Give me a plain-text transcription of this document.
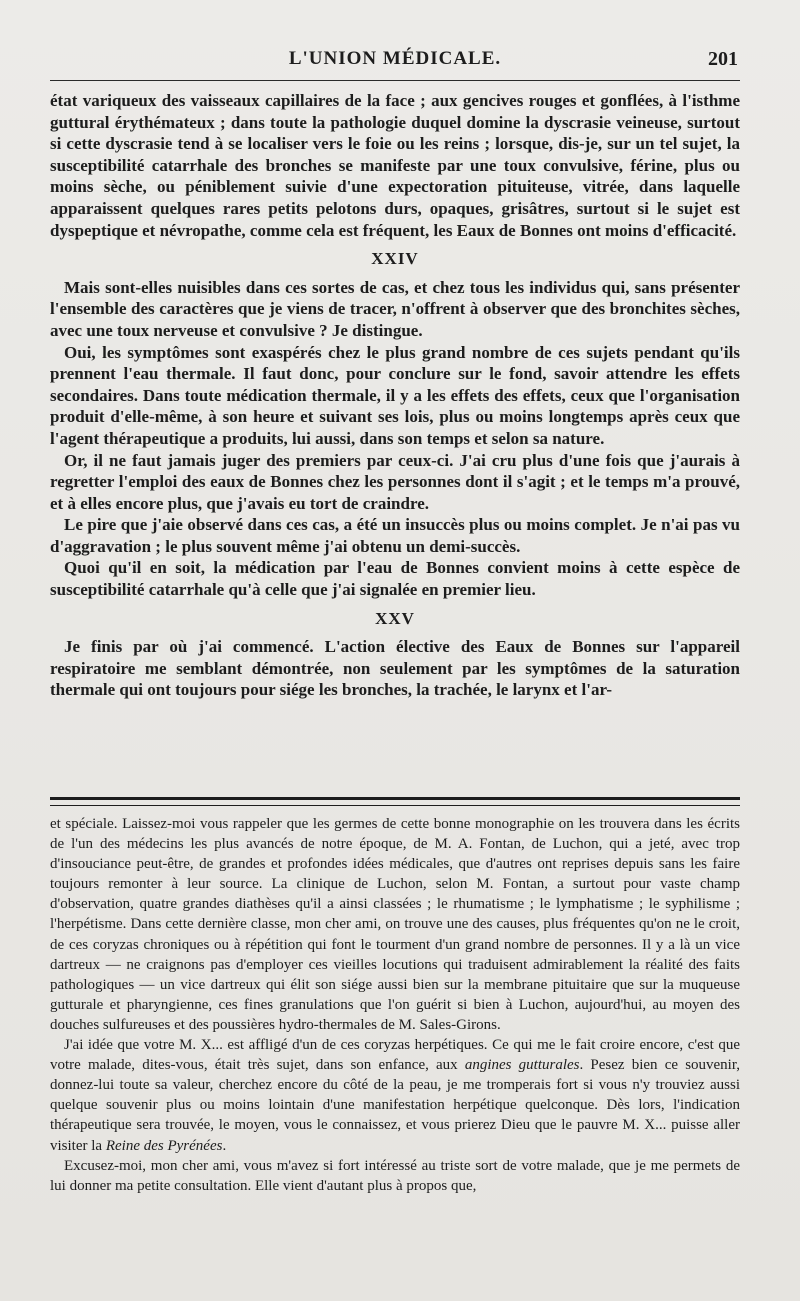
L'UNION MÉDICALE.	201

état variqueux des vaisseaux capillaires de la face ; aux gencives rouges et gonflées, à l'isthme guttural érythémateux ; dans toute la pathologie duquel domine la dyscrasie veineuse, surtout si cette dyscrasie tend à se localiser vers le foie ou les reins ; lorsque, dis-je, sur un tel sujet, la susceptibilité catarrhale des bronches se manifeste par une toux convulsive, férine, plus ou moins sèche, ou péniblement suivie d'une expectoration pituiteuse, vitrée, dans laquelle apparaissent quelques rares petits pelotons durs, opaques, grisâtres, surtout si le sujet est dyspeptique et névropathe, comme cela est fréquent, les Eaux de Bonnes ont moins d'efficacité.

XXIV

Mais sont-elles nuisibles dans ces sortes de cas, et chez tous les individus qui, sans présenter l'ensemble des caractères que je viens de tracer, n'offrent à observer que des bronchites sèches, avec une toux nerveuse et convulsive ? Je distingue.

Oui, les symptômes sont exaspérés chez le plus grand nombre de ces sujets pendant qu'ils prennent l'eau thermale. Il faut donc, pour conclure sur le fond, savoir attendre les effets secondaires. Dans toute médication thermale, il y a les effets des effets, ceux que l'organisation produit d'elle-même, à son heure et suivant ses lois, plus ou moins longtemps après ceux que l'agent thérapeutique a produits, lui aussi, dans son temps et selon sa nature.

Or, il ne faut jamais juger des premiers par ceux-ci. J'ai cru plus d'une fois que j'aurais à regretter l'emploi des eaux de Bonnes chez les personnes dont il s'agit ; et le temps m'a prouvé, et à elles encore plus, que j'avais eu tort de craindre.

Le pire que j'aie observé dans ces cas, a été un insuccès plus ou moins complet. Je n'ai pas vu d'aggravation ; le plus souvent même j'ai obtenu un demi-succès.

Quoi qu'il en soit, la médication par l'eau de Bonnes convient moins à cette espèce de susceptibilité catarrhale qu'à celle que j'ai signalée en premier lieu.

XXV

Je finis par où j'ai commencé. L'action élective des Eaux de Bonnes sur l'appareil respiratoire me semblant démontrée, non seulement par les symptômes de la saturation thermale qui ont toujours pour siége les bronches, la trachée, le larynx et l'ar-

et spéciale. Laissez-moi vous rappeler que les germes de cette bonne monographie on les trouvera dans les écrits de l'un des médecins les plus avancés de notre époque, de M. A. Fontan, de Luchon, qui a jeté, avec trop d'insouciance peut-être, de grandes et profondes idées médicales, que d'autres ont reprises depuis sans les faire toujours remonter à leur source. La clinique de Luchon, selon M. Fontan, a surtout pour vaste champ d'observation, quatre grandes diathèses qu'il a ainsi classées ; le rhumatisme ; le lymphatisme ; le syphilisme ; l'herpétisme. Dans cette dernière classe, mon cher ami, on trouve une des causes, plus fréquentes qu'on ne le croit, de ces coryzas chroniques ou à répétition qui font le tourment d'un grand nombre de personnes. Il y a là un vice dartreux — ne craignons pas d'employer ces vieilles locutions qui traduisent admirablement la réalité des faits pathologiques — un vice dartreux qui élit son siége aussi bien sur la membrane pituitaire que sur la muqueuse gutturale et pharyngienne, ces fines granulations que l'on guérit si bien à Luchon, aujourd'hui, au moyen des douches sulfureuses et des poussières hydro-thermales de M. Sales-Girons.

J'ai idée que votre M. X... est affligé d'un de ces coryzas herpétiques. Ce qui me le fait croire encore, c'est que votre malade, dites-vous, était très sujet, dans son enfance, aux angines gutturales. Pesez bien ce souvenir, donnez-lui toute sa valeur, cherchez encore du côté de la peau, je me tromperais fort si vous n'y trouviez aussi quelque souvenir plus ou moins lointain d'une manifestation herpétique quelconque. Dès lors, l'indication thérapeutique sera trouvée, le moyen, vous le connaissez, et vous prierez Dieu que le pauvre M. X... puisse aller visiter la Reine des Pyrénées.

Excusez-moi, mon cher ami, vous m'avez si fort intéressé au triste sort de votre malade, que je me permets de lui donner ma petite consultation. Elle vient d'autant plus à propos que,
